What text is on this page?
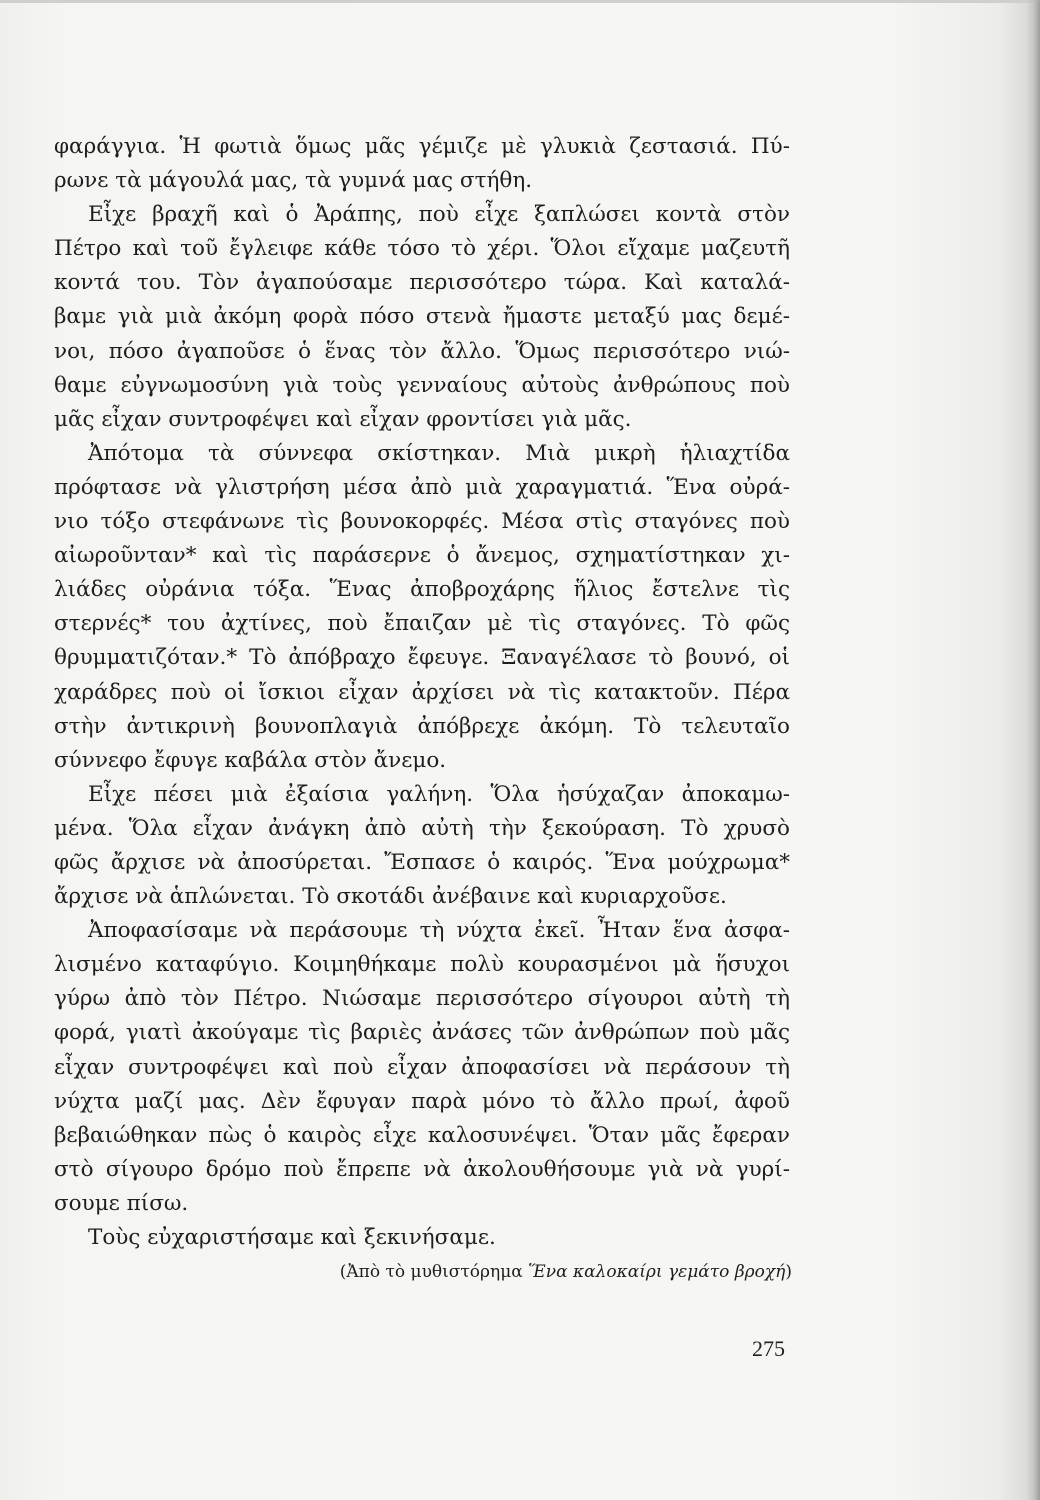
φαράγγια. Ἡ φωτιὰ ὅμως μᾶς γέμιζε μὲ γλυκιὰ ζεστασιά. Πύ-
ρωνε τὰ μάγουλά μας, τὰ γυμνά μας στήθη.
Εἶχε βραχῆ καὶ ὁ Ἀράπης, ποὺ εἶχε ξαπλώσει κοντὰ στὸν
Πέτρο καὶ τοῦ ἔγλειφε κάθε τόσο τὸ χέρι. Ὅλοι εἴχαμε μαζευτῆ
κοντά του. Τὸν ἀγαπούσαμε περισσότερο τώρα. Καὶ καταλά-
βαμε γιὰ μιὰ ἀκόμη φορὰ πόσο στενὰ ἤμαστε μεταξύ μας δεμέ-
νοι, πόσο ἀγαποῦσε ὁ ἕνας τὸν ἄλλο. Ὅμως περισσότερο νιώ-
θαμε εὐγνωμοσύνη γιὰ τοὺς γενναίους αὐτοὺς ἀνθρώπους ποὺ
μᾶς εἶχαν συντροφέψει καὶ εἶχαν φροντίσει γιὰ μᾶς.
Ἀπότομα τὰ σύννεφα σκίστηκαν. Μιὰ μικρὴ ἡλιαχτίδα
πρόφτασε νὰ γλιστρήση μέσα ἀπὸ μιὰ χαραγματιά. Ἕνα οὐρά-
νιο τόξο στεφάνωνε τὶς βουνοκορφές. Μέσα στὶς σταγόνες ποὺ
αἰωροῦνταν* καὶ τὶς παράσερνε ὁ ἄνεμος, σχηματίστηκαν χι-
λιάδες οὐράνια τόξα. Ἕνας ἀποβροχάρης ἥλιος ἔστελνε τὶς
στερνές* του ἀχτίνες, ποὺ ἔπαιζαν μὲ τὶς σταγόνες. Τὸ φῶς
θρυμματιζόταν.* Τὸ ἀπόβραχο ἔφευγε. Ξαναγέλασε τὸ βουνό, οἱ
χαράδρες ποὺ οἱ ἴσκιοι εἶχαν ἀρχίσει νὰ τὶς κατακτοῦν. Πέρα
στὴν ἀντικρινὴ βουνοπλαγιὰ ἀπόβρεχε ἀκόμη. Τὸ τελευταῖο
σύννεφο ἔφυγε καβάλα στὸν ἄνεμο.
Εἶχε πέσει μιὰ ἐξαίσια γαλήνη. Ὅλα ἡσύχαζαν ἀποκαμω-
μένα. Ὅλα εἶχαν ἀνάγκη ἀπὸ αὐτὴ τὴν ξεκούραση. Τὸ χρυσὸ
φῶς ἄρχισε νὰ ἀποσύρεται. Ἔσπασε ὁ καιρός. Ἕνα μούχρωμα*
ἄρχισε νὰ ἁπλώνεται. Τὸ σκοτάδι ἀνέβαινε καὶ κυριαρχοῦσε.
Ἀποφασίσαμε νὰ περάσουμε τὴ νύχτα ἐκεῖ. Ἦταν ἕνα ἀσφα-
λισμένο καταφύγιο. Κοιμηθήκαμε πολὺ κουρασμένοι μὰ ἥσυχοι
γύρω ἀπὸ τὸν Πέτρο. Νιώσαμε περισσότερο σίγουροι αὐτὴ τὴ
φορά, γιατὶ ἀκούγαμε τὶς βαριὲς ἀνάσες τῶν ἀνθρώπων ποὺ μᾶς
εἶχαν συντροφέψει καὶ ποὺ εἶχαν ἀποφασίσει νὰ περάσουν τὴ
νύχτα μαζί μας. Δὲν ἔφυγαν παρὰ μόνο τὸ ἄλλο πρωί, ἀφοῦ
βεβαιώθηκαν πὼς ὁ καιρὸς εἶχε καλοσυνέψει. Ὅταν μᾶς ἔφεραν
στὸ σίγουρο δρόμο ποὺ ἔπρεπε νὰ ἀκολουθήσουμε γιὰ νὰ γυρί-
σουμε πίσω.
Τοὺς εὐχαριστήσαμε καὶ ξεκινήσαμε.
(Ἀπὸ τὸ μυθιστόρημα Ἕνα καλοκαίρι γεμάτο βροχή)
275
